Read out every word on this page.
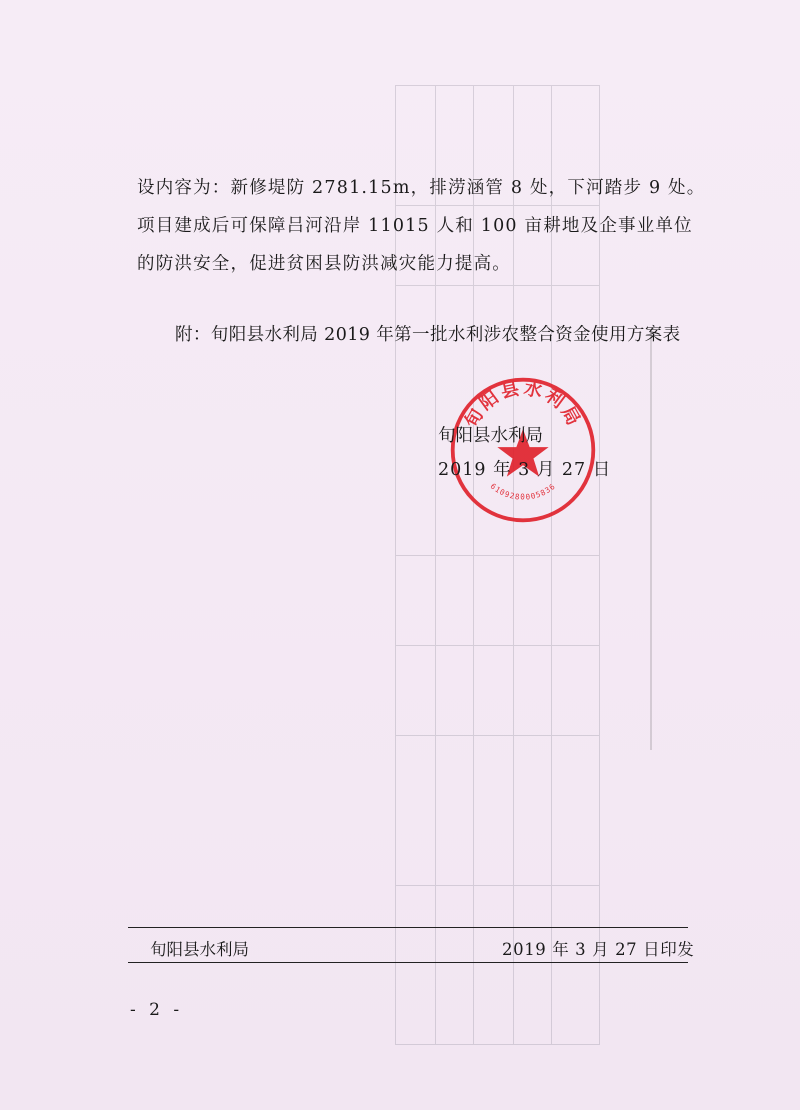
设内容为：新修堤防 2781.15m，排涝涵管 8 处，下河踏步 9 处。
项目建成后可保障吕河沿岸 11015 人和 100 亩耕地及企事业单位
的防洪安全，促进贫困县防洪减灾能力提高。
附：旬阳县水利局 2019 年第一批水利涉农整合资金使用方案表
旬阳县水利局
6109280005836
旬阳县水利局
2019 年 3 月 27 日
旬阳县水利局	2019 年 3 月 27 日印发
- 2 -
